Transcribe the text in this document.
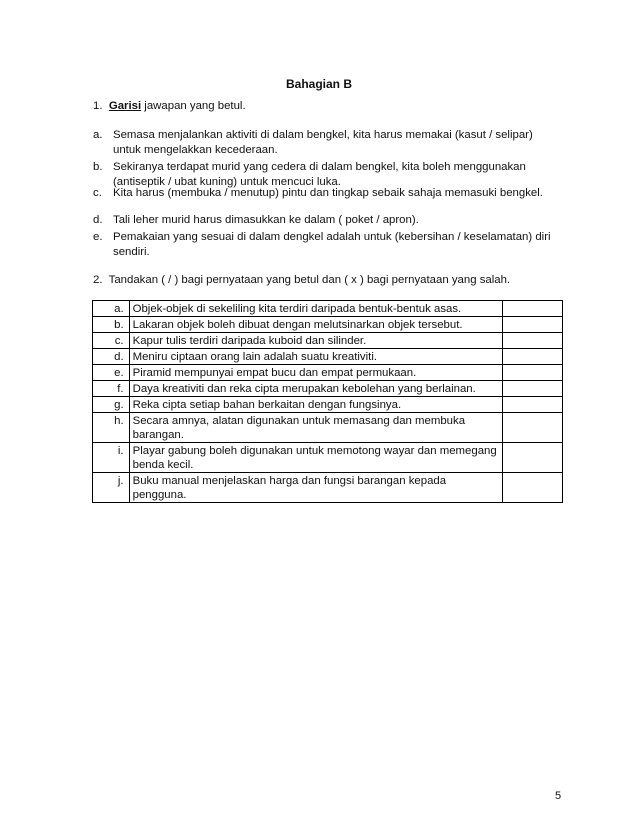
Bahagian B
1. Garisi jawapan yang betul.
a. Semasa menjalankan aktiviti di dalam bengkel, kita harus memakai (kasut / selipar) untuk mengelakkan kecederaan.
b. Sekiranya terdapat murid yang cedera di dalam bengkel, kita boleh menggunakan (antiseptik / ubat kuning) untuk mencuci luka.
c. Kita harus (membuka / menutup) pintu dan tingkap sebaik sahaja memasuki bengkel.
d. Tali leher murid harus dimasukkan ke dalam ( poket / apron).
e. Pemakaian yang sesuai di dalam dengkel adalah untuk (kebersihan / keselamatan) diri sendiri.
2. Tandakan ( / ) bagi pernyataan yang betul dan ( x ) bagi pernyataan yang salah.
a.	Objek-objek di sekeliling kita terdiri daripada bentuk-bentuk asas.	
b.	Lakaran objek boleh dibuat dengan melutsinarkan objek tersebut.	
c.	Kapur tulis terdiri daripada kuboid dan silinder.	
d.	Meniru ciptaan orang lain adalah suatu kreativiti.	
e.	Piramid mempunyai empat bucu dan empat permukaan.	
f.	Daya kreativiti dan reka cipta merupakan kebolehan yang berlainan.	
g.	Reka cipta setiap bahan berkaitan dengan fungsinya.	
h.	Secara amnya, alatan digunakan untuk memasang dan membuka barangan.	
i.	Playar gabung boleh digunakan untuk memotong wayar dan memegang benda kecil.	
j.	Buku manual menjelaskan harga dan fungsi barangan kepada pengguna.	
5
